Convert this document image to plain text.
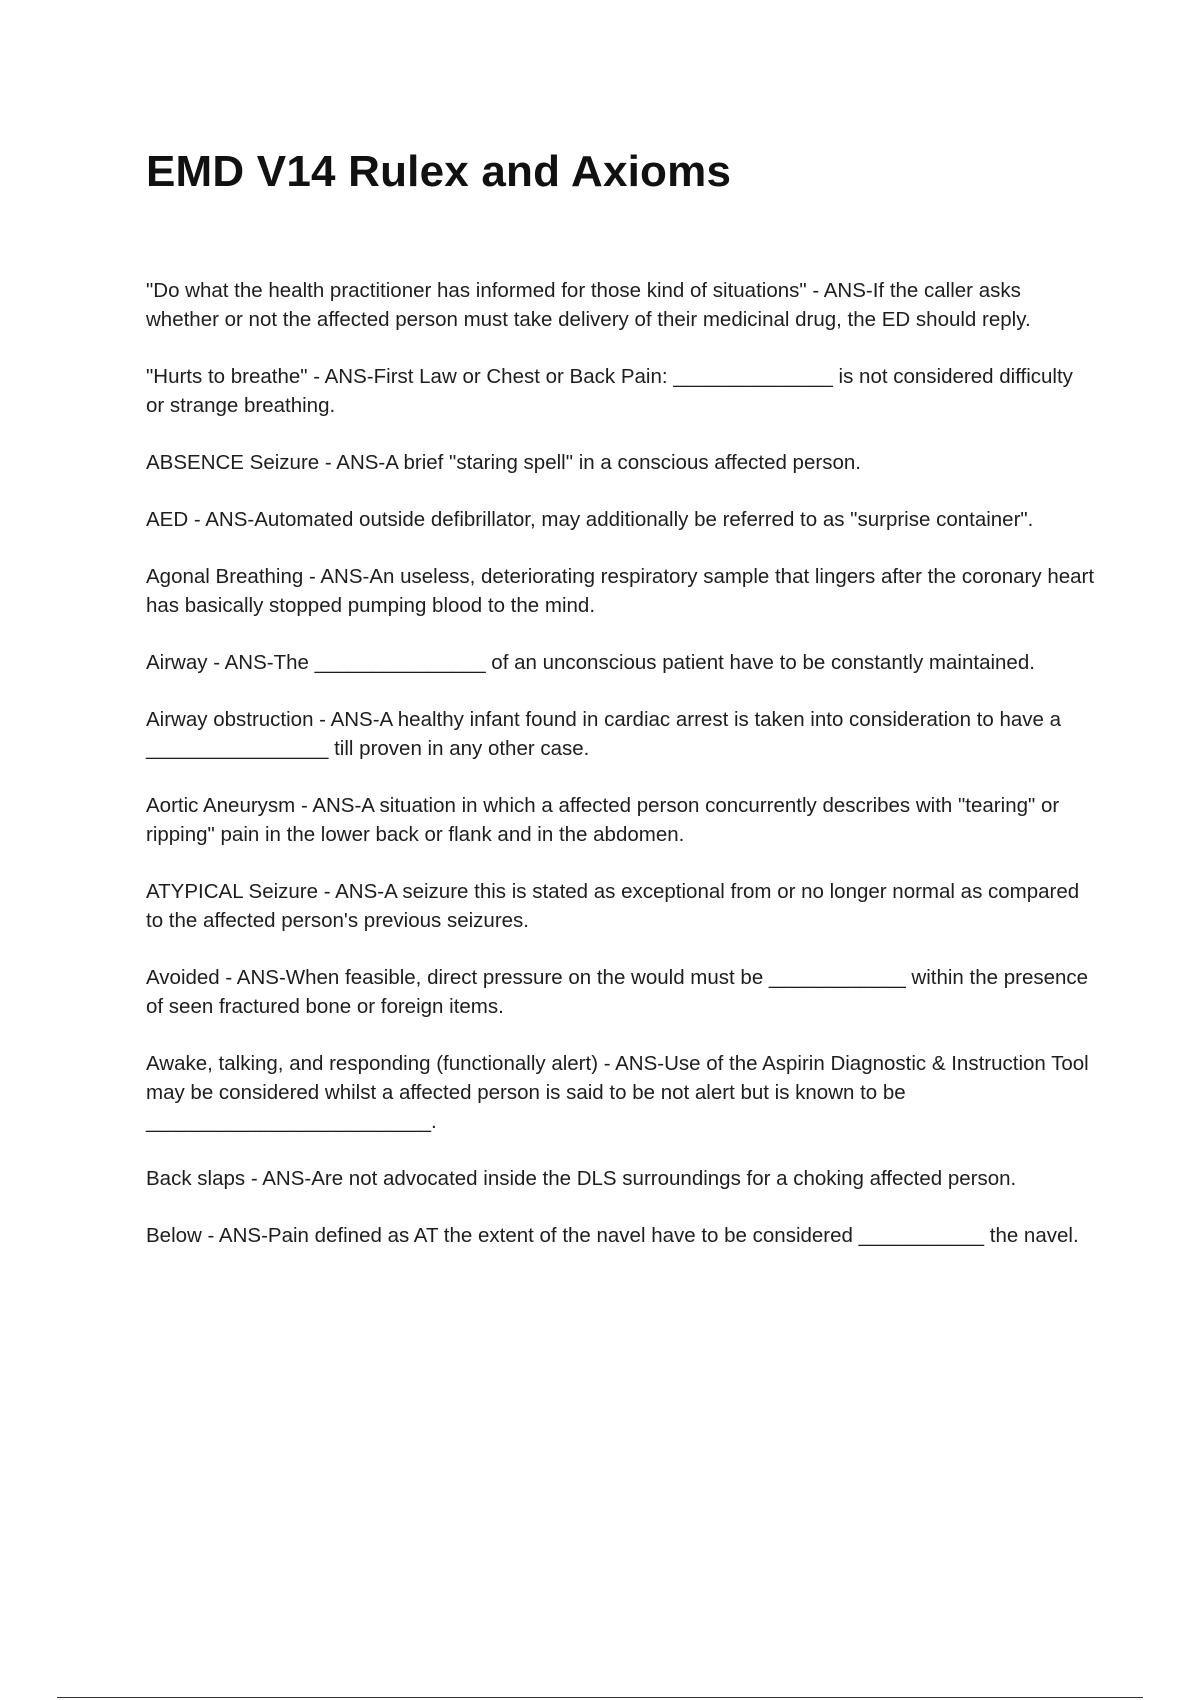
EMD V14 Rulex and Axioms

"Do what the health practitioner has informed for those kind of situations" - ANS-If the caller asks whether or not the affected person must take delivery of their medicinal drug, the ED should reply.

"Hurts to breathe" - ANS-First Law or Chest or Back Pain: ______________ is not considered difficulty or strange breathing.

ABSENCE Seizure - ANS-A brief "staring spell" in a conscious affected person.

AED - ANS-Automated outside defibrillator, may additionally be referred to as "surprise container".

Agonal Breathing - ANS-An useless, deteriorating respiratory sample that lingers after the coronary heart has basically stopped pumping blood to the mind.

Airway - ANS-The _______________ of an unconscious patient have to be constantly maintained.

Airway obstruction - ANS-A healthy infant found in cardiac arrest is taken into consideration to have a ________________ till proven in any other case.

Aortic Aneurysm - ANS-A situation in which a affected person concurrently describes with "tearing" or ripping" pain in the lower back or flank and in the abdomen.

ATYPICAL Seizure - ANS-A seizure this is stated as exceptional from or no longer normal as compared to the affected person's previous seizures.

Avoided - ANS-When feasible, direct pressure on the would must be ____________ within the presence of seen fractured bone or foreign items.

Awake, talking, and responding (functionally alert) - ANS-Use of the Aspirin Diagnostic & Instruction Tool may be considered whilst a affected person is said to be not alert but is known to be _________________________.

Back slaps - ANS-Are not advocated inside the DLS surroundings for a choking affected person.

Below - ANS-Pain defined as AT the extent of the navel have to be considered ___________ the navel.
